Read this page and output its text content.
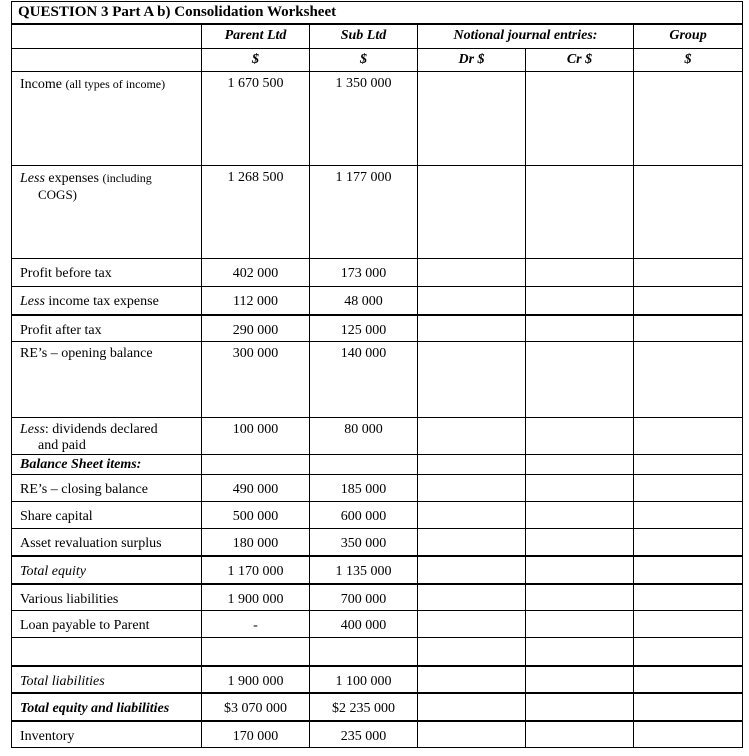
QUESTION 3 Part A b) Consolidation Worksheet					
	Parent Ltd	Sub Ltd	Notional journal entries:		Group
	$	$	Dr $	Cr $	$
Income (all types of income)	1 670 500	1 350 000			
Less expenses (including
COGS)	1 268 500	1 177 000			
Profit before tax	402 000	173 000			
Less income tax expense	112 000	48 000			
Profit after tax	290 000	125 000			
RE’s – opening balance	300 000	140 000			
Less: dividends declared
and paid	100 000	80 000			
Balance Sheet items:					
RE’s – closing balance	490 000	185 000			
Share capital	500 000	600 000			
Asset revaluation surplus	180 000	350 000			
Total equity	1 170 000	1 135 000			
Various liabilities	1 900 000	700 000			
Loan payable to Parent	-	400 000			

Total liabilities	1 900 000	1 100 000			
Total equity and liabilities	$3 070 000	$2 235 000			
Inventory	170 000	235 000			
